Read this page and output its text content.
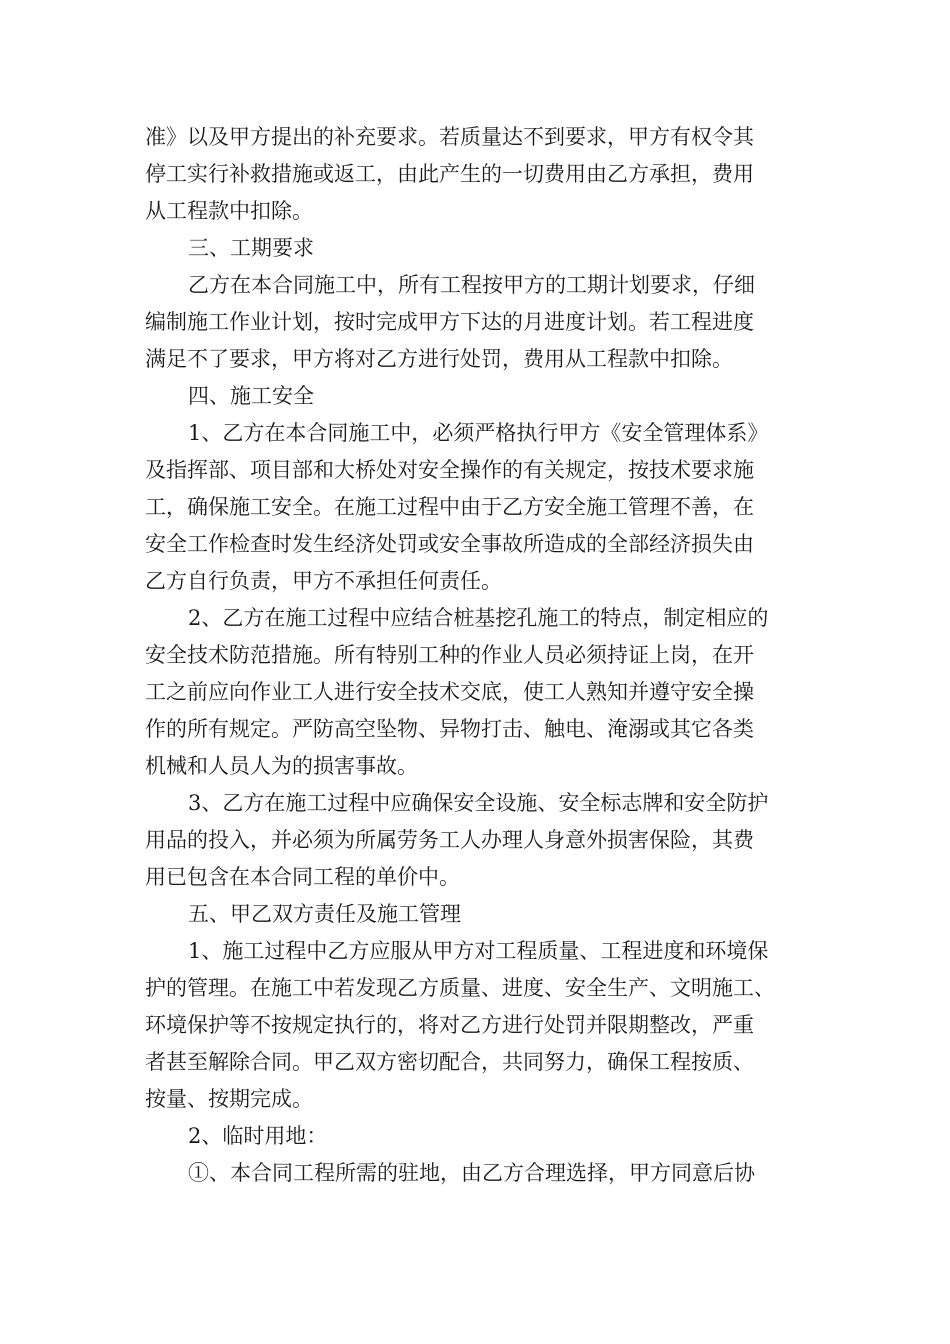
准》以及甲方提出的补充要求。若质量达不到要求，甲方有权令其
停工实行补救措施或返工，由此产生的一切费用由乙方承担，费用
从工程款中扣除。
三、工期要求
乙方在本合同施工中，所有工程按甲方的工期计划要求，仔细
编制施工作业计划，按时完成甲方下达的月进度计划。若工程进度
满足不了要求，甲方将对乙方进行处罚，费用从工程款中扣除。
四、施工安全
1、乙方在本合同施工中，必须严格执行甲方《安全管理体系》
及指挥部、项目部和大桥处对安全操作的有关规定，按技术要求施
工，确保施工安全。在施工过程中由于乙方安全施工管理不善，在
安全工作检查时发生经济处罚或安全事故所造成的全部经济损失由
乙方自行负责，甲方不承担任何责任。
2、乙方在施工过程中应结合桩基挖孔施工的特点，制定相应的
安全技术防范措施。所有特别工种的作业人员必须持证上岗，在开
工之前应向作业工人进行安全技术交底，使工人熟知并遵守安全操
作的所有规定。严防高空坠物、异物打击、触电、淹溺或其它各类
机械和人员人为的损害事故。
3、乙方在施工过程中应确保安全设施、安全标志牌和安全防护
用品的投入，并必须为所属劳务工人办理人身意外损害保险，其费
用已包含在本合同工程的单价中。
五、甲乙双方责任及施工管理
1、施工过程中乙方应服从甲方对工程质量、工程进度和环境保
护的管理。在施工中若发现乙方质量、进度、安全生产、文明施工、
环境保护等不按规定执行的，将对乙方进行处罚并限期整改，严重
者甚至解除合同。甲乙双方密切配合，共同努力，确保工程按质、
按量、按期完成。
2、临时用地：
①、本合同工程所需的驻地，由乙方合理选择，甲方同意后协
